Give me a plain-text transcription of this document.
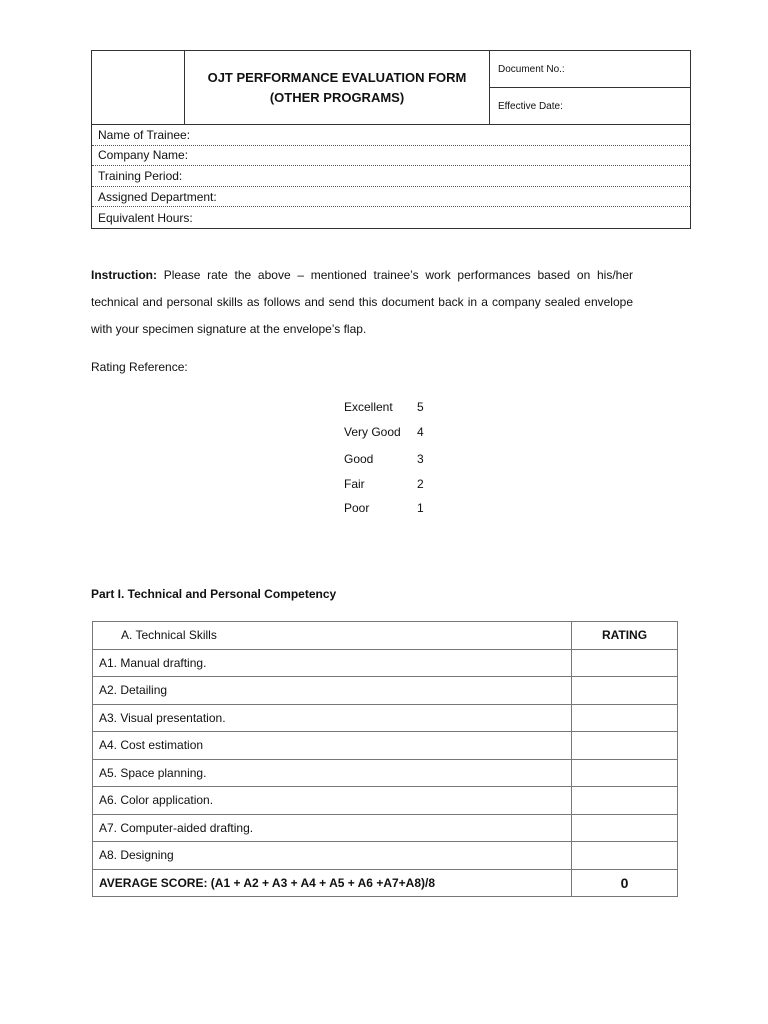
OJT PERFORMANCE EVALUATION FORM
(OTHER PROGRAMS)
Document No.:
Effective Date:
Name of Trainee:
Company Name:
Training Period:
Assigned Department:
Equivalent Hours:
Instruction: Please rate the above – mentioned trainee’s work performances based on his/her technical and personal skills as follows and send this document back in a company sealed envelope with your specimen signature at the envelope’s flap.
Rating Reference:
Excellent 5
Very Good 4
Good	3
Fair	2
Poor	1
Part I. Technical and Personal Competency
A. Technical Skills	RATING
A1. Manual drafting.	
A2. Detailing	
A3. Visual presentation.	
A4. Cost estimation	
A5. Space planning.	
A6. Color application.	
A7. Computer-aided drafting.	
A8. Designing	
AVERAGE SCORE: (A1 + A2 + A3 + A4 + A5 + A6 +A7+A8)/8	0
